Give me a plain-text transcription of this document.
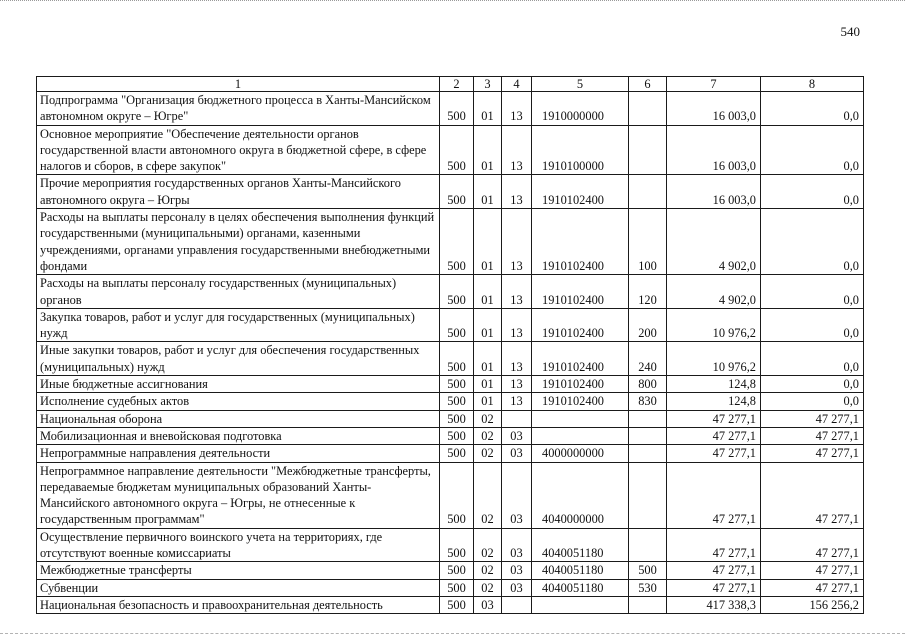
540
1	2	3	4	5	6	7	8
Подпрограмма "Организация бюджетного процесса в Ханты-Мансийском автономном округе – Югре"	500	01	13	1910000000		16 003,0	0,0
Основное мероприятие "Обеспечение деятельности органов государственной власти автономного округа в бюджетной сфере, в сфере налогов и сборов, в сфере закупок"	500	01	13	1910100000		16 003,0	0,0
Прочие мероприятия государственных органов Ханты-Мансийского автономного округа – Югры	500	01	13	1910102400		16 003,0	0,0
Расходы на выплаты персоналу в целях обеспечения выполнения функций государственными (муниципальными) органами, казенными учреждениями, органами управления государственными внебюджетными фондами	500	01	13	1910102400	100	4 902,0	0,0
Расходы на выплаты персоналу государственных (муниципальных) органов	500	01	13	1910102400	120	4 902,0	0,0
Закупка товаров, работ и услуг для государственных (муниципальных) нужд	500	01	13	1910102400	200	10 976,2	0,0
Иные закупки товаров, работ и услуг для обеспечения государственных (муниципальных) нужд	500	01	13	1910102400	240	10 976,2	0,0
Иные бюджетные ассигнования	500	01	13	1910102400	800	124,8	0,0
Исполнение судебных актов	500	01	13	1910102400	830	124,8	0,0
Национальная оборона	500	02				47 277,1	47 277,1
Мобилизационная и вневойсковая подготовка	500	02	03			47 277,1	47 277,1
Непрограммные направления деятельности	500	02	03	4000000000		47 277,1	47 277,1
Непрограммное направление деятельности "Межбюджетные трансферты, передаваемые бюджетам муниципальных образований Ханты-Мансийского автономного округа – Югры, не отнесенные к государственным программам"	500	02	03	4040000000		47 277,1	47 277,1
Осуществление первичного воинского учета на территориях, где отсутствуют военные комиссариаты	500	02	03	4040051180		47 277,1	47 277,1
Межбюджетные трансферты	500	02	03	4040051180	500	47 277,1	47 277,1
Субвенции	500	02	03	4040051180	530	47 277,1	47 277,1
Национальная безопасность и правоохранительная деятельность	500	03				417 338,3	156 256,2
